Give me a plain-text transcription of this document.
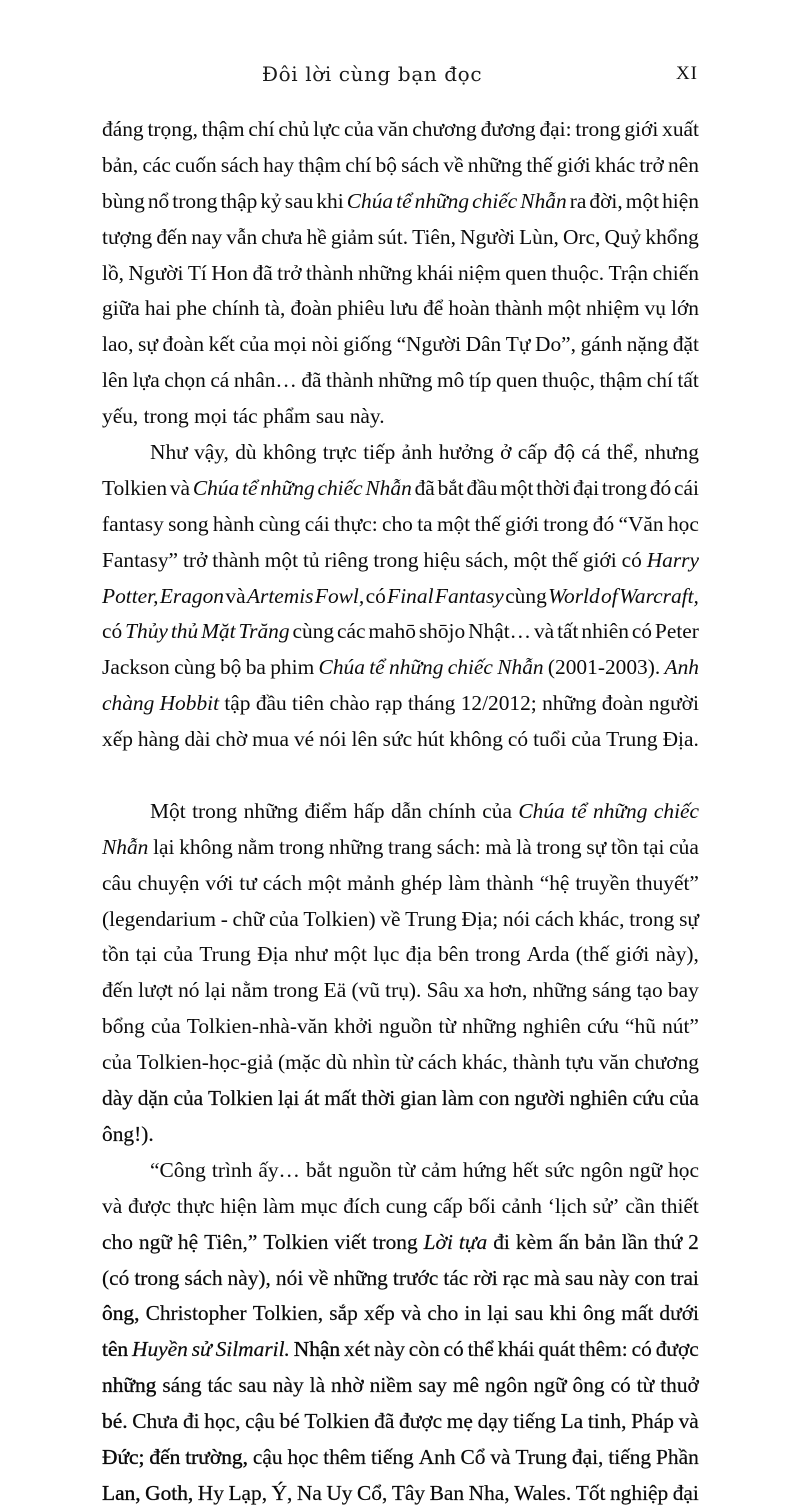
Đôi lời cùng bạn đọc	XI

đáng trọng, thậm chí chủ lực của văn chương đương đại: trong giới xuất
bản, các cuốn sách hay thậm chí bộ sách về những thế giới khác trở nên
bùng nổ trong thập kỷ sau khi Chúa tể những chiếc Nhẫn ra đời, một hiện
tượng đến nay vẫn chưa hề giảm sút. Tiên, Người Lùn, Orc, Quỷ khổng
lồ, Người Tí Hon đã trở thành những khái niệm quen thuộc. Trận chiến
giữa hai phe chính tà, đoàn phiêu lưu để hoàn thành một nhiệm vụ lớn
lao, sự đoàn kết của mọi nòi giống “Người Dân Tự Do”, gánh nặng đặt
lên lựa chọn cá nhân… đã thành những mô típ quen thuộc, thậm chí tất
yếu, trong mọi tác phẩm sau này.

Như vậy, dù không trực tiếp ảnh hưởng ở cấp độ cá thể, nhưng
Tolkien và Chúa tể những chiếc Nhẫn đã bắt đầu một thời đại trong đó cái
fantasy song hành cùng cái thực: cho ta một thế giới trong đó “Văn học
Fantasy” trở thành một tủ riêng trong hiệu sách, một thế giới có Harry
Potter, Eragon và Artemis Fowl, có Final Fantasy cùng World of Warcraft,
có Thủy thủ Mặt Trăng cùng các mahō shōjo Nhật… và tất nhiên có Peter
Jackson cùng bộ ba phim Chúa tể những chiếc Nhẫn (2001-2003). Anh
chàng Hobbit tập đầu tiên chào rạp tháng 12/2012; những đoàn người
xếp hàng dài chờ mua vé nói lên sức hút không có tuổi của Trung Địa.

Một trong những điểm hấp dẫn chính của Chúa tể những chiếc
Nhẫn lại không nằm trong những trang sách: mà là trong sự tồn tại của
câu chuyện với tư cách một mảnh ghép làm thành “hệ truyền thuyết”
(legendarium - chữ của Tolkien) về Trung Địa; nói cách khác, trong sự
tồn tại của Trung Địa như một lục địa bên trong Arda (thế giới này),
đến lượt nó lại nằm trong Eä (vũ trụ). Sâu xa hơn, những sáng tạo bay
bổng của Tolkien-nhà-văn khởi nguồn từ những nghiên cứu “hũ nút”
của Tolkien-học-giả (mặc dù nhìn từ cách khác, thành tựu văn chương
dày dặn của Tolkien lại át mất thời gian làm con người nghiên cứu của
ông!).

“Công trình ấy… bắt nguồn từ cảm hứng hết sức ngôn ngữ học
và được thực hiện làm mục đích cung cấp bối cảnh ‘lịch sử’ cần thiết
cho ngữ hệ Tiên,” Tolkien viết trong Lời tựa đi kèm ấn bản lần thứ 2
(có trong sách này), nói về những trước tác rời rạc mà sau này con trai
ông, Christopher Tolkien, sắp xếp và cho in lại sau khi ông mất dưới
tên Huyền sử Silmaril. Nhận xét này còn có thể khái quát thêm: có được
những sáng tác sau này là nhờ niềm say mê ngôn ngữ ông có từ thuở
bé. Chưa đi học, cậu bé Tolkien đã được mẹ dạy tiếng La tinh, Pháp và
Đức; đến trường, cậu học thêm tiếng Anh Cổ và Trung đại, tiếng Phần
Lan, Goth, Hy Lạp, Ý, Na Uy Cổ, Tây Ban Nha, Wales. Tốt nghiệp đại
